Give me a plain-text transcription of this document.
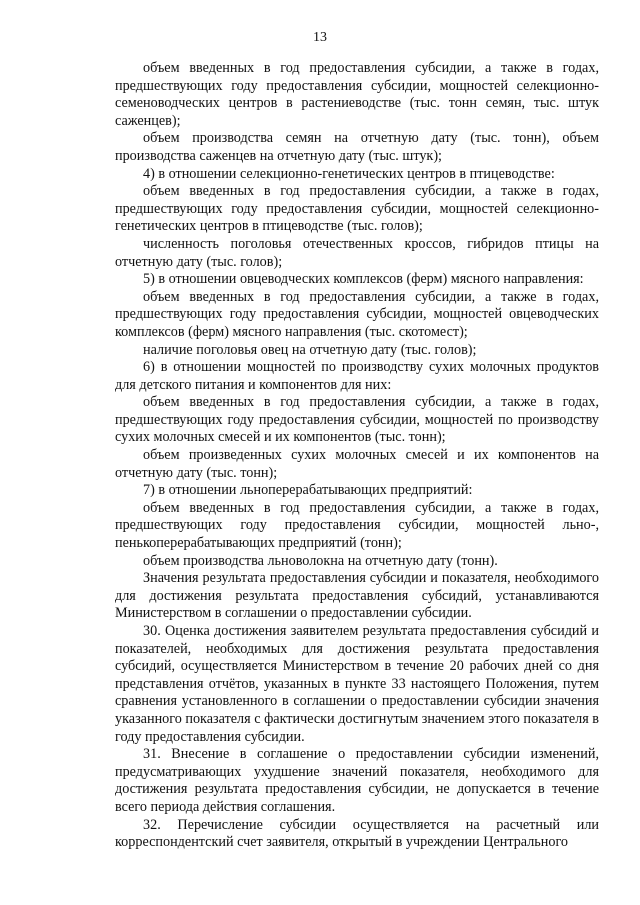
13

объем введенных в год предоставления субсидии, а также в годах, предшествующих году предоставления субсидии, мощностей селекционно-семеноводческих центров в растениеводстве (тыс. тонн семян, тыс. штук саженцев);

объем производства семян на отчетную дату (тыс. тонн), объем производства саженцев на отчетную дату (тыс. штук);

4) в отношении селекционно-генетических центров в птицеводстве:

объем введенных в год предоставления субсидии, а также в годах, предшествующих году предоставления субсидии, мощностей селекционно-генетических центров в птицеводстве (тыс. голов);

численность поголовья отечественных кроссов, гибридов птицы на отчетную дату (тыс. голов);

5) в отношении овцеводческих комплексов (ферм) мясного направления:

объем введенных в год предоставления субсидии, а также в годах, предшествующих году предоставления субсидии, мощностей овцеводческих комплексов (ферм) мясного направления (тыс. скотомест);

наличие поголовья овец на отчетную дату (тыс. голов);

6) в отношении мощностей по производству сухих молочных продуктов для детского питания и компонентов для них:

объем введенных в год предоставления субсидии, а также в годах, предшествующих году предоставления субсидии, мощностей по производству сухих молочных смесей и их компонентов (тыс. тонн);

объем произведенных сухих молочных смесей и их компонентов на отчетную дату (тыс. тонн);

7) в отношении льноперерабатывающих предприятий:

объем введенных в год предоставления субсидии, а также в годах, предшествующих году предоставления субсидии, мощностей льно-, пенькоперерабатывающих предприятий (тонн);

объем производства льноволокна на отчетную дату (тонн).

Значения результата предоставления субсидии и показателя, необходимого для достижения результата предоставления субсидий, устанавливаются Министерством в соглашении о предоставлении субсидии.

30. Оценка достижения заявителем результата предоставления субсидий и показателей, необходимых для достижения результата предоставления субсидий, осуществляется Министерством в течение 20 рабочих дней со дня представления отчётов, указанных в пункте 33 настоящего Положения, путем сравнения установленного в соглашении о предоставлении субсидии значения указанного показателя с фактически достигнутым значением этого показателя в году предоставления субсидии.

31. Внесение в соглашение о предоставлении субсидии изменений, предусматривающих ухудшение значений показателя, необходимого для достижения результата предоставления субсидии, не допускается в течение всего периода действия соглашения.

32. Перечисление субсидии осуществляется на расчетный или корреспондентский счет заявителя, открытый в учреждении Центрального
